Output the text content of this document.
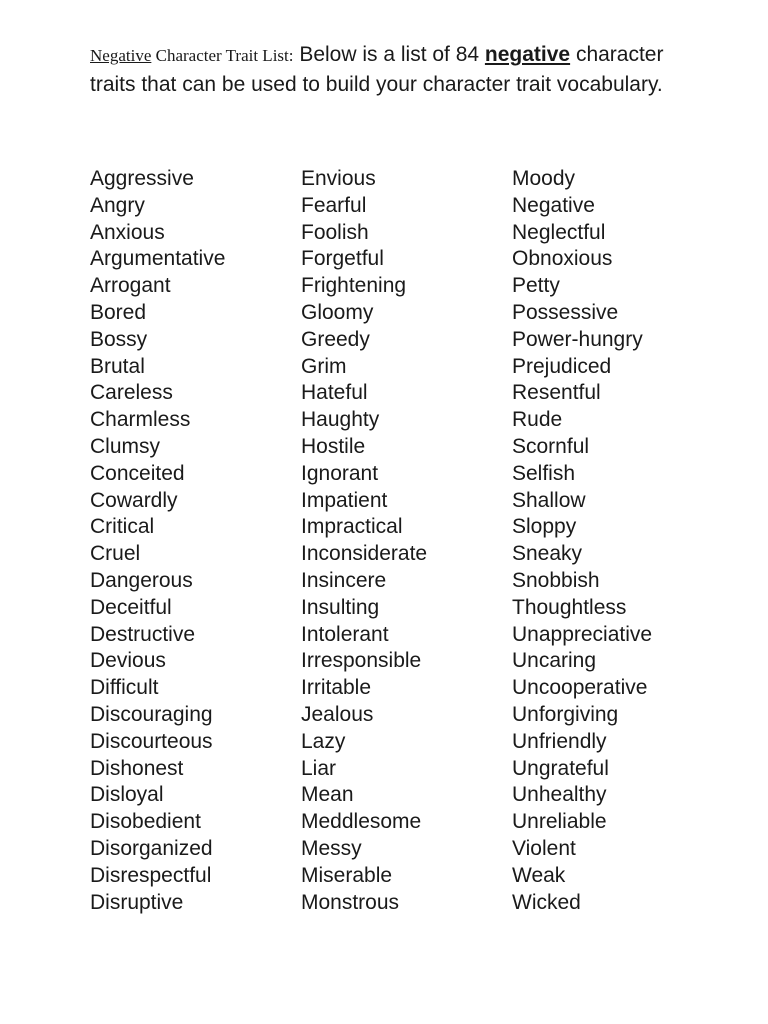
Negative Character Trait List: Below is a list of 84 negative character traits that can be used to build your character trait vocabulary.
Aggressive
Angry
Anxious
Argumentative
Arrogant
Bored
Bossy
Brutal
Careless
Charmless
Clumsy
Conceited
Cowardly
Critical
Cruel
Dangerous
Deceitful
Destructive
Devious
Difficult
Discouraging
Discourteous
Dishonest
Disloyal
Disobedient
Disorganized
Disrespectful
Disruptive
Envious
Fearful
Foolish
Forgetful
Frightening
Gloomy
Greedy
Grim
Hateful
Haughty
Hostile
Ignorant
Impatient
Impractical
Inconsiderate
Insincere
Insulting
Intolerant
Irresponsible
Irritable
Jealous
Lazy
Liar
Mean
Meddlesome
Messy
Miserable
Monstrous
Moody
Negative
Neglectful
Obnoxious
Petty
Possessive
Power-hungry
Prejudiced
Resentful
Rude
Scornful
Selfish
Shallow
Sloppy
Sneaky
Snobbish
Thoughtless
Unappreciative
Uncaring
Uncooperative
Unforgiving
Unfriendly
Ungrateful
Unhealthy
Unreliable
Violent
Weak
Wicked
